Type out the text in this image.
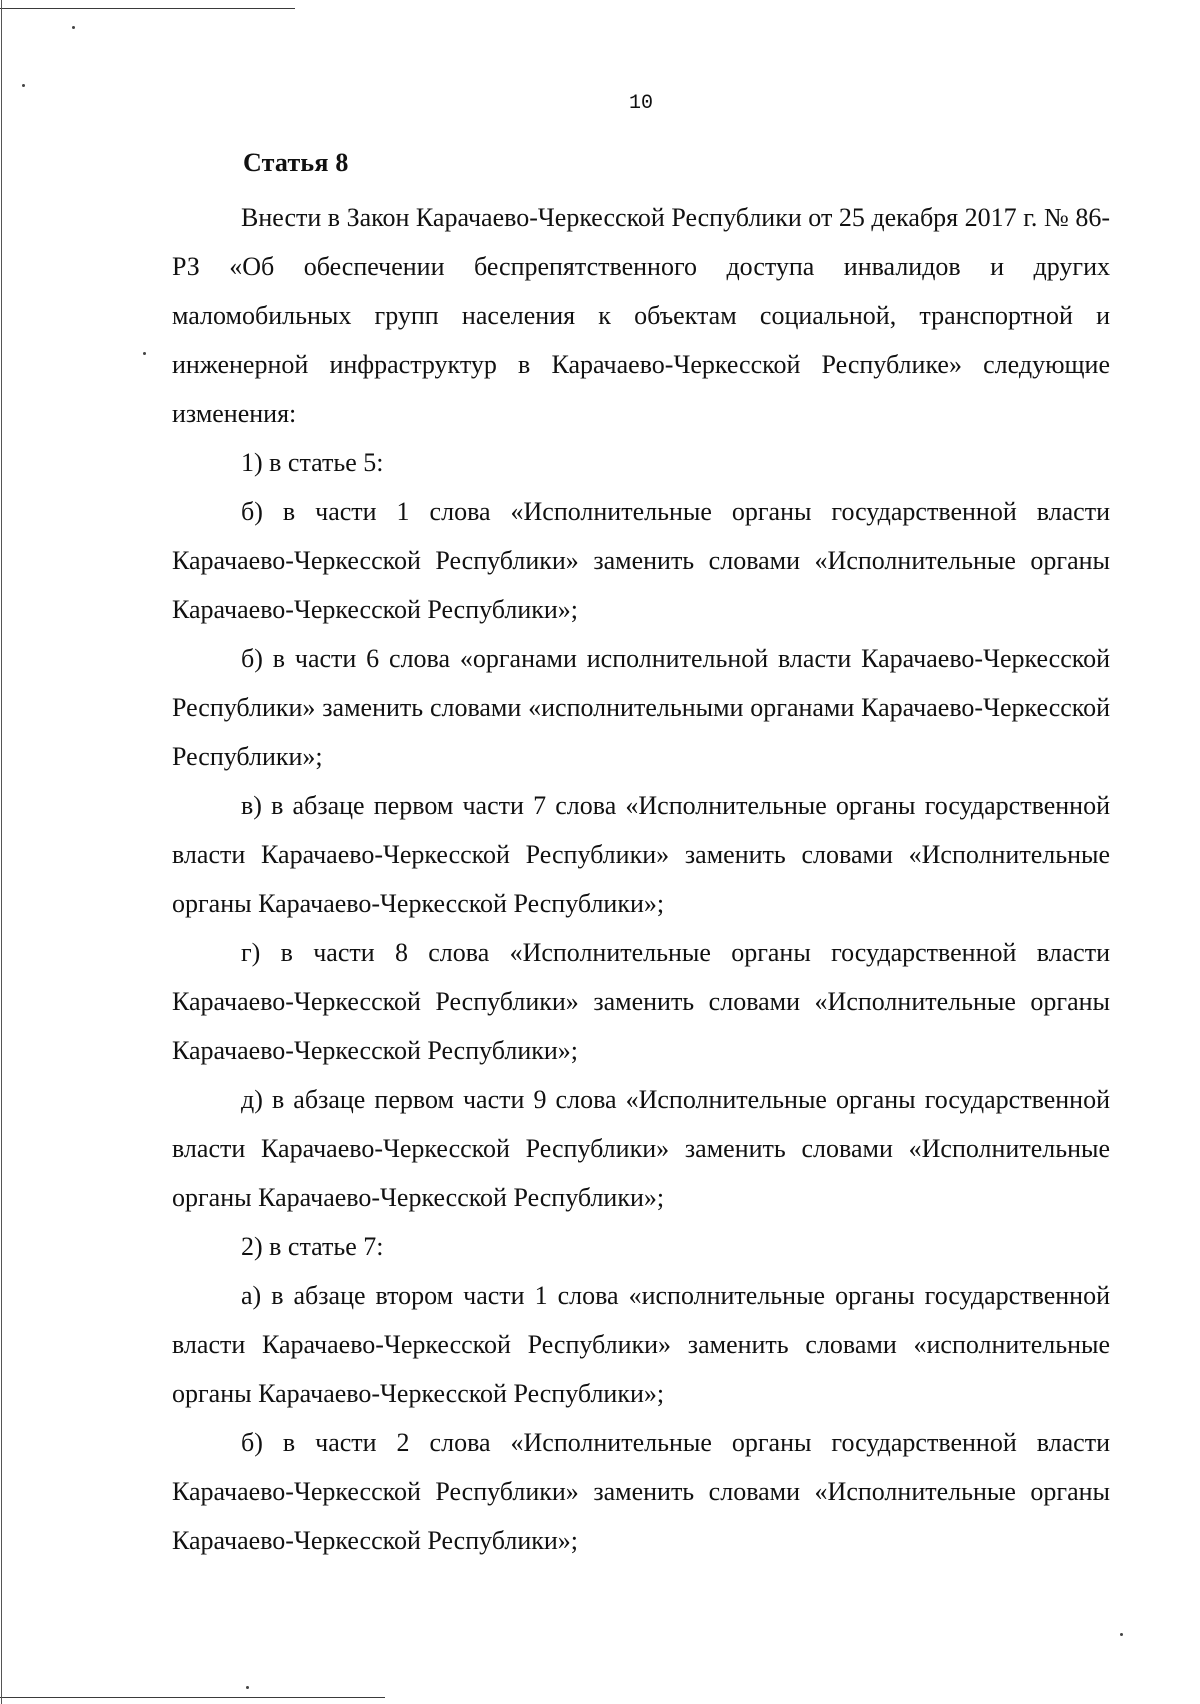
10
Статья 8

Внести в Закон Карачаево-Черкесской Республики от 25 декабря 2017 г. № 86-РЗ «Об обеспечении беспрепятственного доступа инвалидов и других маломобильных групп населения к объектам социальной, транспортной и инженерной инфраструктур в Карачаево-Черкесской Республике» следующие изменения:

1) в статье 5:

б) в части 1 слова «Исполнительные органы государственной власти Карачаево-Черкесской Республики» заменить словами «Исполнительные органы Карачаево-Черкесской Республики»;

б) в части 6 слова «органами исполнительной власти Карачаево-Черкесской Республики» заменить словами «исполнительными органами Карачаево-Черкесской Республики»;

в) в абзаце первом части 7 слова «Исполнительные органы государственной власти Карачаево-Черкесской Республики» заменить словами «Исполнительные органы Карачаево-Черкесской Республики»;

г) в части 8 слова «Исполнительные органы государственной власти Карачаево-Черкесской Республики» заменить словами «Исполнительные органы Карачаево-Черкесской Республики»;

д) в абзаце первом части 9 слова «Исполнительные органы государственной власти Карачаево-Черкесской Республики» заменить словами «Исполнительные органы Карачаево-Черкесской Республики»;

2) в статье 7:

а) в абзаце втором части 1 слова «исполнительные органы государственной власти Карачаево-Черкесской Республики» заменить словами «исполнительные органы Карачаево-Черкесской Республики»;

б) в части 2 слова «Исполнительные органы государственной власти Карачаево-Черкесской Республики» заменить словами «Исполнительные органы Карачаево-Черкесской Республики»;
